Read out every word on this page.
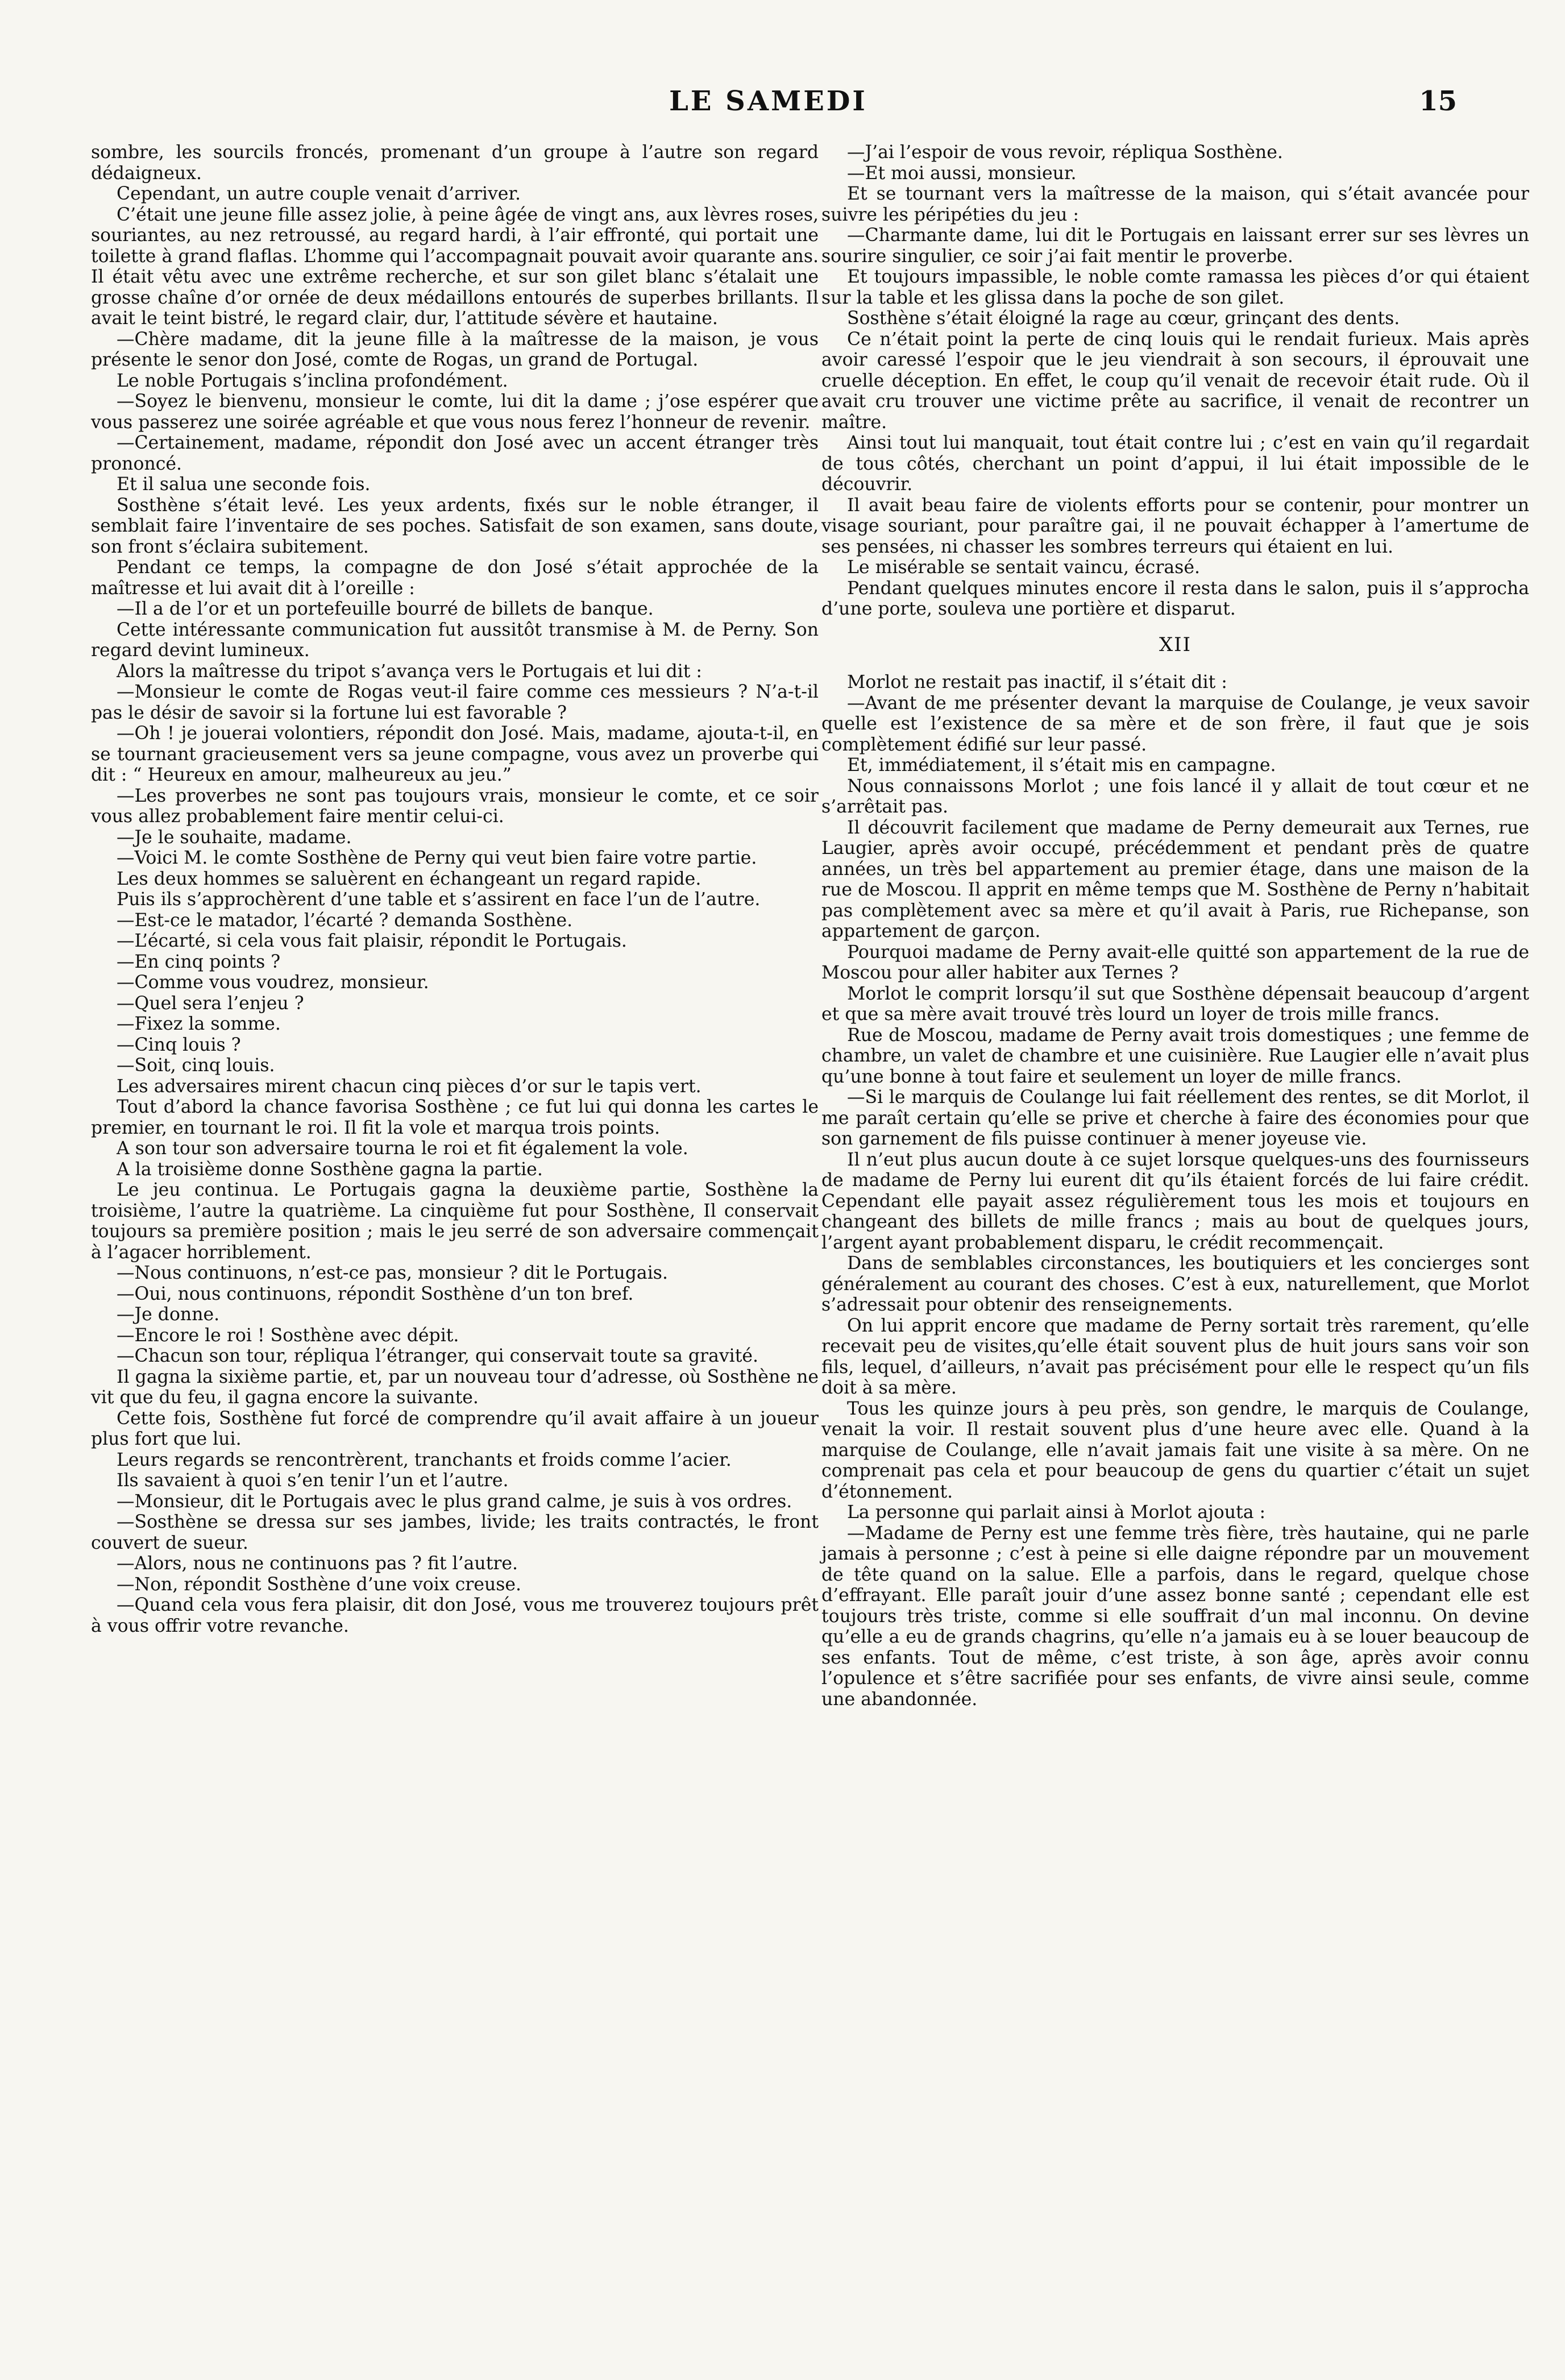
LE SAMEDI	15

sombre, les sourcils froncés, promenant d’un groupe à l’autre son regard dédaigneux.

Cependant, un autre couple venait d’arriver.

C’était une jeune fille assez jolie, à peine âgée de vingt ans, aux lèvres roses, souriantes, au nez retroussé, au regard hardi, à l’air effronté, qui portait une toilette à grand flaflas. L’homme qui l’accompagnait pouvait avoir quarante ans. Il était vêtu avec une extrême recherche, et sur son gilet blanc s’étalait une grosse chaîne d’or ornée de deux médaillons entourés de superbes brillants. Il avait le teint bistré, le regard clair, dur, l’attitude sévère et hautaine.

—Chère madame, dit la jeune fille à la maîtresse de la maison, je vous présente le senor don José, comte de Rogas, un grand de Portugal.

Le noble Portugais s’inclina profondément.

—Soyez le bienvenu, monsieur le comte, lui dit la dame ; j’ose espérer que vous passerez une soirée agréable et que vous nous ferez l’honneur de revenir.

—Certainement, madame, répondit don José avec un accent étranger très prononcé.

Et il salua une seconde fois.

Sosthène s’était levé. Les yeux ardents, fixés sur le noble étranger, il semblait faire l’inventaire de ses poches. Satisfait de son examen, sans doute, son front s’éclaira subitement.

Pendant ce temps, la compagne de don José s’était approchée de la maîtresse et lui avait dit à l’oreille :

—Il a de l’or et un portefeuille bourré de billets de banque.

Cette intéressante communication fut aussitôt transmise à M. de Perny. Son regard devint lumineux.

Alors la maîtresse du tripot s’avança vers le Portugais et lui dit :

—Monsieur le comte de Rogas veut-il faire comme ces messieurs ? N’a-t-il pas le désir de savoir si la fortune lui est favorable ?

—Oh ! je jouerai volontiers, répondit don José. Mais, madame, ajouta-t-il, en se tournant gracieusement vers sa jeune compagne, vous avez un proverbe qui dit : “ Heureux en amour, malheureux au jeu.”

—Les proverbes ne sont pas toujours vrais, monsieur le comte, et ce soir vous allez probablement faire mentir celui-ci.

—Je le souhaite, madame.

—Voici M. le comte Sosthène de Perny qui veut bien faire votre partie.

Les deux hommes se saluèrent en échangeant un regard rapide.

Puis ils s’approchèrent d’une table et s’assirent en face l’un de l’autre.

—Est-ce le matador, l’écarté ? demanda Sosthène.

—L’écarté, si cela vous fait plaisir, répondit le Portugais.

—En cinq points ?

—Comme vous voudrez, monsieur.

—Quel sera l’enjeu ?

—Fixez la somme.

—Cinq louis ?

—Soit, cinq louis.

Les adversaires mirent chacun cinq pièces d’or sur le tapis vert.

Tout d’abord la chance favorisa Sosthène ; ce fut lui qui donna les cartes le premier, en tournant le roi. Il fit la vole et marqua trois points.

A son tour son adversaire tourna le roi et fit également la vole.

A la troisième donne Sosthène gagna la partie.

Le jeu continua. Le Portugais gagna la deuxième partie, Sosthène la troisième, l’autre la quatrième. La cinquième fut pour Sosthène, Il conservait toujours sa première position ; mais le jeu serré de son adversaire commençait à l’agacer horriblement.

—Nous continuons, n’est-ce pas, monsieur ? dit le Portugais.

—Oui, nous continuons, répondit Sosthène d’un ton bref.

—Je donne.

—Encore le roi ! Sosthène avec dépit.

—Chacun son tour, répliqua l’étranger, qui conservait toute sa gravité.

Il gagna la sixième partie, et, par un nouveau tour d’adresse, où Sosthène ne vit que du feu, il gagna encore la suivante.

Cette fois, Sosthène fut forcé de comprendre qu’il avait affaire à un joueur plus fort que lui.

Leurs regards se rencontrèrent, tranchants et froids comme l’acier.

Ils savaient à quoi s’en tenir l’un et l’autre.

—Monsieur, dit le Portugais avec le plus grand calme, je suis à vos ordres.

—Sosthène se dressa sur ses jambes, livide; les traits contractés, le front couvert de sueur.

—Alors, nous ne continuons pas ? fit l’autre.

—Non, répondit Sosthène d’une voix creuse.

—Quand cela vous fera plaisir, dit don José, vous me trouverez toujours prêt à vous offrir votre revanche.

—J’ai l’espoir de vous revoir, répliqua Sosthène.

—Et moi aussi, monsieur.

Et se tournant vers la maîtresse de la maison, qui s’était avancée pour suivre les péripéties du jeu :

—Charmante dame, lui dit le Portugais en laissant errer sur ses lèvres un sourire singulier, ce soir j’ai fait mentir le proverbe.

Et toujours impassible, le noble comte ramassa les pièces d’or qui étaient sur la table et les glissa dans la poche de son gilet.

Sosthène s’était éloigné la rage au cœur, grinçant des dents.

Ce n’était point la perte de cinq louis qui le rendait furieux. Mais après avoir caressé l’espoir que le jeu viendrait à son secours, il éprouvait une cruelle déception. En effet, le coup qu’il venait de recevoir était rude. Où il avait cru trouver une victime prête au sacrifice, il venait de recontrer un maître.

Ainsi tout lui manquait, tout était contre lui ; c’est en vain qu’il regardait de tous côtés, cherchant un point d’appui, il lui était impossible de le découvrir.

Il avait beau faire de violents efforts pour se contenir, pour montrer un visage souriant, pour paraître gai, il ne pouvait échapper à l’amertume de ses pensées, ni chasser les sombres terreurs qui étaient en lui.

Le misérable se sentait vaincu, écrasé.

Pendant quelques minutes encore il resta dans le salon, puis il s’approcha d’une porte, souleva une portière et disparut.

XII

Morlot ne restait pas inactif, il s’était dit :

—Avant de me présenter devant la marquise de Coulange, je veux savoir quelle est l’existence de sa mère et de son frère, il faut que je sois complètement édifié sur leur passé.

Et, immédiatement, il s’était mis en campagne.

Nous connaissons Morlot ; une fois lancé il y allait de tout cœur et ne s’arrêtait pas.

Il découvrit facilement que madame de Perny demeurait aux Ternes, rue Laugier, après avoir occupé, précédemment et pendant près de quatre années, un très bel appartement au premier étage, dans une maison de la rue de Moscou. Il apprit en même temps que M. Sosthène de Perny n’habitait pas complètement avec sa mère et qu’il avait à Paris, rue Richepanse, son appartement de garçon.

Pourquoi madame de Perny avait-elle quitté son appartement de la rue de Moscou pour aller habiter aux Ternes ?

Morlot le comprit lorsqu’il sut que Sosthène dépensait beaucoup d’argent et que sa mère avait trouvé très lourd un loyer de trois mille francs.

Rue de Moscou, madame de Perny avait trois domestiques ; une femme de chambre, un valet de chambre et une cuisinière. Rue Laugier elle n’avait plus qu’une bonne à tout faire et seulement un loyer de mille francs.

—Si le marquis de Coulange lui fait réellement des rentes, se dit Morlot, il me paraît certain qu’elle se prive et cherche à faire des économies pour que son garnement de fils puisse continuer à mener joyeuse vie.

Il n’eut plus aucun doute à ce sujet lorsque quelques-uns des fournisseurs de madame de Perny lui eurent dit qu’ils étaient forcés de lui faire crédit. Cependant elle payait assez régulièrement tous les mois et toujours en changeant des billets de mille francs ; mais au bout de quelques jours, l’argent ayant probablement disparu, le crédit recommençait.

Dans de semblables circonstances, les boutiquiers et les concierges sont généralement au courant des choses. C’est à eux, naturellement, que Morlot s’adressait pour obtenir des renseignements.

On lui apprit encore que madame de Perny sortait très rarement, qu’elle recevait peu de visites,qu’elle était souvent plus de huit jours sans voir son fils, lequel, d’ailleurs, n’avait pas précisément pour elle le respect qu’un fils doit à sa mère.

Tous les quinze jours à peu près, son gendre, le marquis de Coulange, venait la voir. Il restait souvent plus d’une heure avec elle. Quand à la marquise de Coulange, elle n’avait jamais fait une visite à sa mère. On ne comprenait pas cela et pour beaucoup de gens du quartier c’était un sujet d’étonnement.

La personne qui parlait ainsi à Morlot ajouta :

—Madame de Perny est une femme très fière, très hautaine, qui ne parle jamais à personne ; c’est à peine si elle daigne répondre par un mouvement de tête quand on la salue. Elle a parfois, dans le regard, quelque chose d’effrayant. Elle paraît jouir d’une assez bonne santé ; cependant elle est toujours très triste, comme si elle souffrait d’un mal inconnu. On devine qu’elle a eu de grands chagrins, qu’elle n’a jamais eu à se louer beaucoup de ses enfants. Tout de même, c’est triste, à son âge, après avoir connu l’opulence et s’être sacrifiée pour ses enfants, de vivre ainsi seule, comme une abandonnée.
